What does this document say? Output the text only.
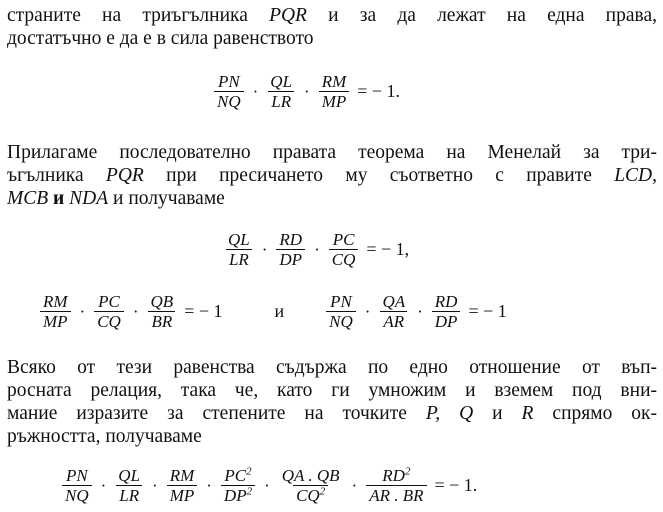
страните на триъгълника PQR и за да лежат на една права,
достатъчно е да е в сила равенството
$\frac{PN}{NQ} \cdot \frac{QL}{LR} \cdot \frac{RM}{MP}$ = − 1.
Прилагаме последователно правата теорема на Менелай за три-
ъгълника PQR при пресичането му съответно с правите LCD,
MCB и NDA и получаваме
$\frac{QL}{LR} \cdot \frac{RD}{DP} \cdot \frac{PC}{CQ}$ = − 1,
$\frac{RM}{MP} \cdot \frac{PC}{CQ} \cdot \frac{QB}{BR}$ = − 1	и $\frac{PN}{NQ} \cdot \frac{QA}{AR} \cdot \frac{RD}{DP}$ = − 1
Всяко от тези равенства съдържа по едно отношение от въп-
росната релация, така че, като ги умножим и вземем под вни-
мание изразите за степените на точките P, Q и R спрямо ок-
ръжността, получаваме
$\frac{PN}{NQ} \cdot \frac{QL}{LR} \cdot \frac{RM}{MP} \cdot \frac{PC^2}{DP^2} \cdot \frac{QA . QB}{CQ^2} \cdot \frac{RD^2}{AR . BR}$ = − 1.
